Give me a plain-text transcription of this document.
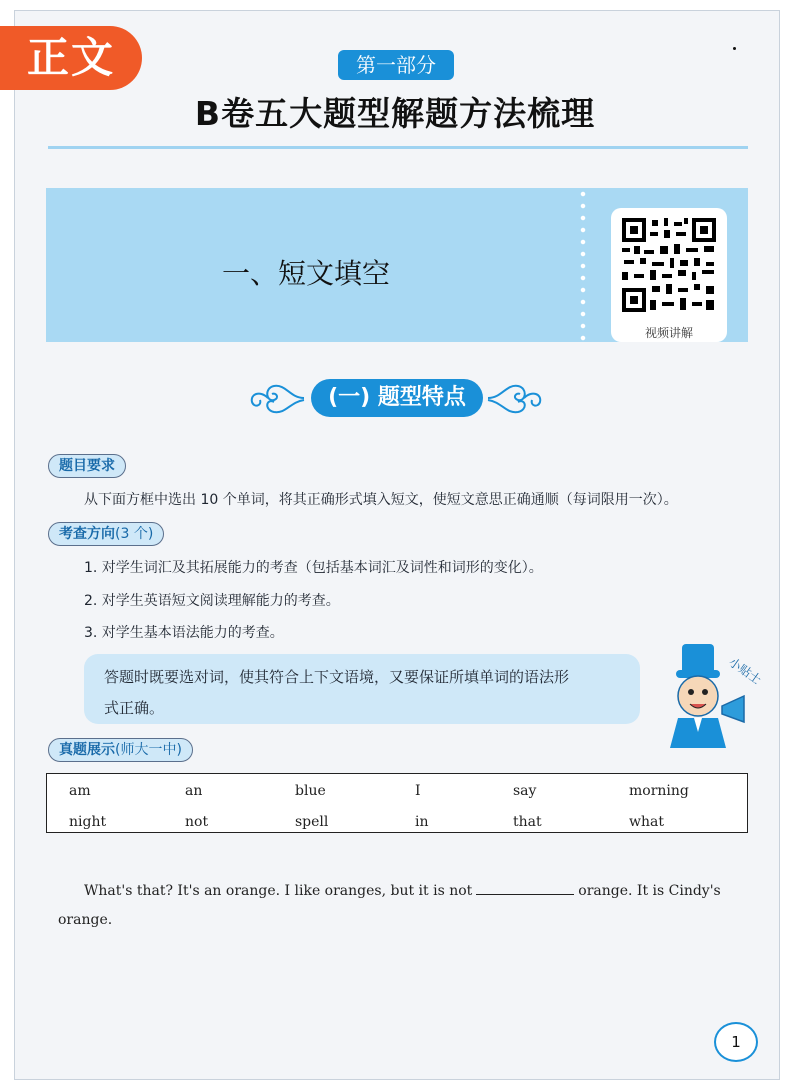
正文	第一部分
B卷五大题型解题方法梳理
一、短文填空
视频讲解
(一) 题型特点
题目要求
从下面方框中选出 10 个单词，将其正确形式填入短文，使短文意思正确通顺（每词限用一次）。
考查方向(3 个)
1. 对学生词汇及其拓展能力的考查（包括基本词汇及词性和词形的变化）。
2. 对学生英语短文阅读理解能力的考查。
3. 对学生基本语法能力的考查。
答题时既要选对词，使其符合上下文语境，又要保证所填单词的语法形
式正确。
小贴士
真题展示(师大一中)
am	an	blue	I	say	morning
night	not	spell	in	that	what
What's that? It's an orange. I like oranges, but it is not	orange. It is Cindy's
orange.
1
